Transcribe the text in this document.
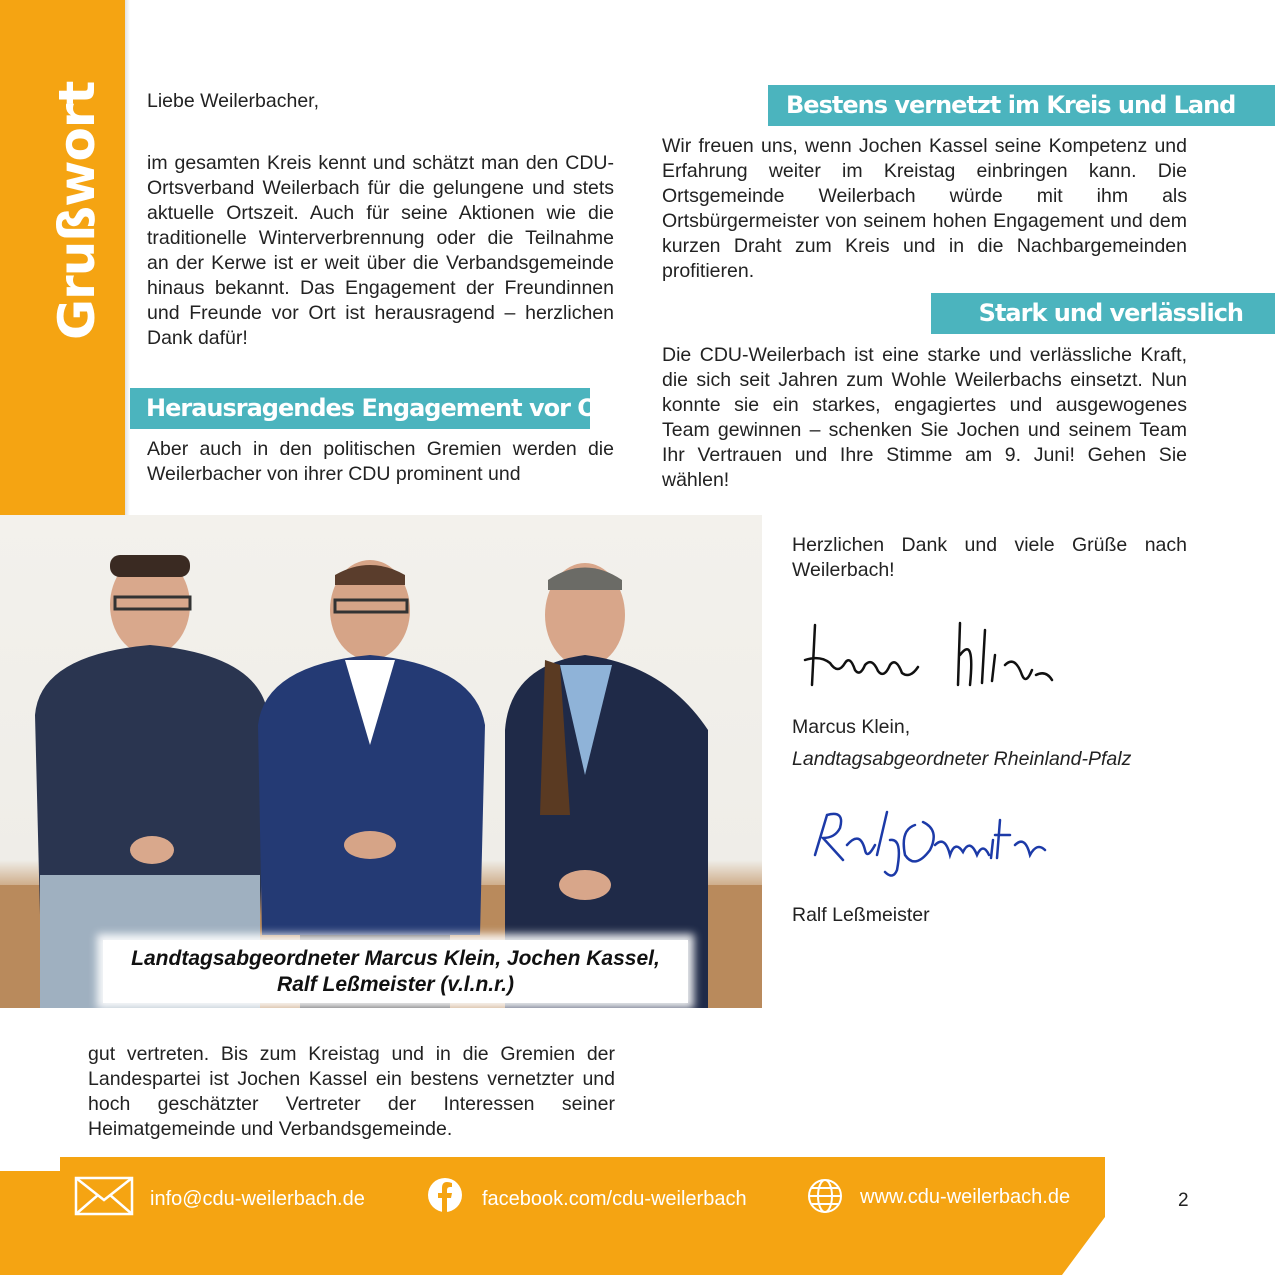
Grußwort Liebe Weilerbacher,

im gesamten Kreis kennt und schätzt man den CDU-Ortsverband Weilerbach für die gelungene und stets aktuelle Ortszeit. Auch für seine Aktionen wie die traditionelle Winterverbrennung oder die Teilnahme an der Kerwe ist er weit über die Verbandsgemeinde hinaus bekannt. Das Engagement der Freundinnen und Freunde vor Ort ist herausragend – herzlichen Dank dafür!

Herausragendes Engagement vor Ort

Aber auch in den politischen Gremien werden die Weilerbacher von ihrer CDU prominent und

Bestens vernetzt im Kreis und Land

Wir freuen uns, wenn Jochen Kassel seine Kompetenz und Erfahrung weiter im Kreistag einbringen kann. Die Ortsgemeinde Weilerbach würde mit ihm als Ortsbürgermeister von seinem hohen Engagement und dem kurzen Draht zum Kreis und in die Nachbargemeinden profitieren.

Stark und verlässlich

Die CDU-Weilerbach ist eine starke und verlässliche Kraft, die sich seit Jahren zum Wohle Weilerbachs einsetzt. Nun konnte sie ein starkes, engagiertes und ausgewogenes Team gewinnen – schenken Sie Jochen und seinem Team Ihr Vertrauen und Ihre Stimme am 9. Juni! Gehen Sie wählen!

Landtagsabgeordneter Marcus Klein, Jochen Kassel,
Ralf Leßmeister (v.l.n.r.)

gut vertreten. Bis zum Kreistag und in die Gremien der Landespartei ist Jochen Kassel ein bestens vernetzter und hoch geschätzter Vertreter der Interessen seiner Heimatgemeinde und Verbandsgemeinde.

Herzlichen Dank und viele Grüße nach Weilerbach!

Marcus Klein,

Landtagsabgeordneter Rheinland-Pfalz

Ralf Leßmeister

info@cdu-weilerbach.de	facebook.com/cdu-weilerbach	www.cdu-weilerbach.de	2
